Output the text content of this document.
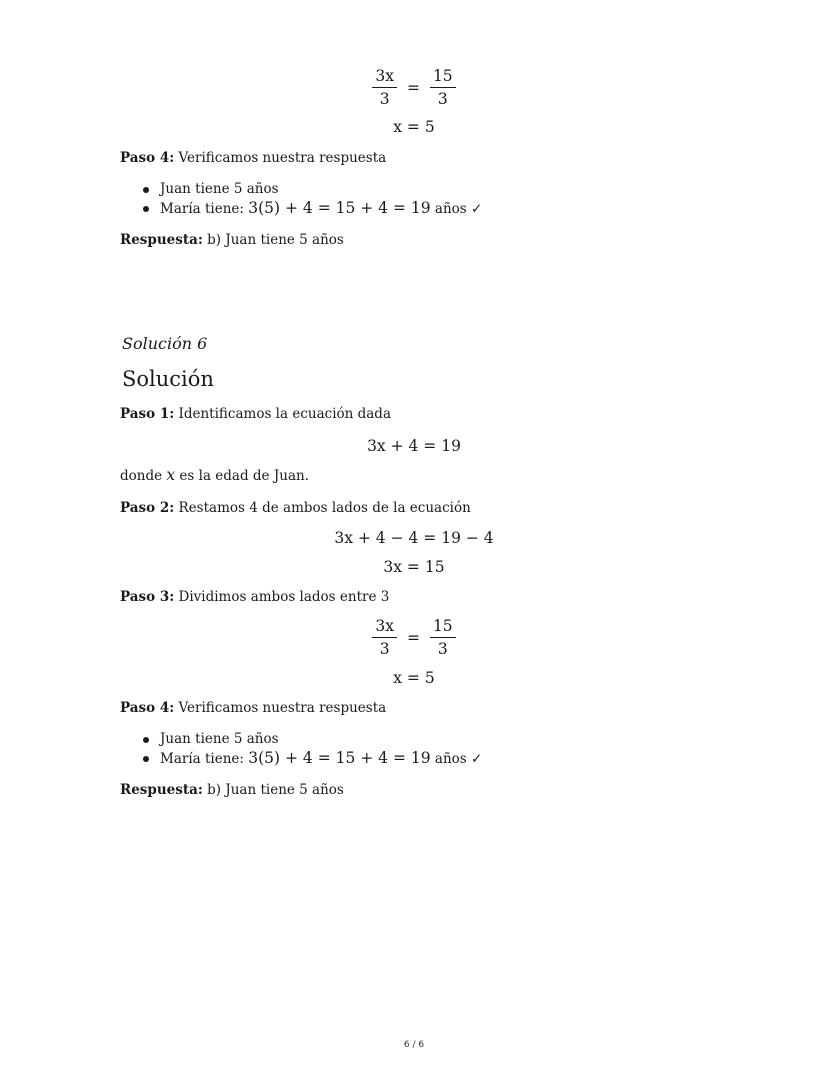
$\frac{3x}{3} = \frac{15}{3}$
x = 5
Paso 4: Verificamos nuestra respuesta
Juan tiene 5 años
María tiene: 3(5) + 4 = 15 + 4 = 19 años ✓
Respuesta: b) Juan tiene 5 años
Solución 6
Solución
Paso 1: Identificamos la ecuación dada
3x + 4 = 19
donde x es la edad de Juan.
Paso 2: Restamos 4 de ambos lados de la ecuación
3x + 4 − 4 = 19 − 4
3x = 15
Paso 3: Dividimos ambos lados entre 3
$\frac{3x}{3} = \frac{15}{3}$
x = 5
Paso 4: Verificamos nuestra respuesta
Juan tiene 5 años
María tiene: 3(5) + 4 = 15 + 4 = 19 años ✓
Respuesta: b) Juan tiene 5 años
6 / 6
